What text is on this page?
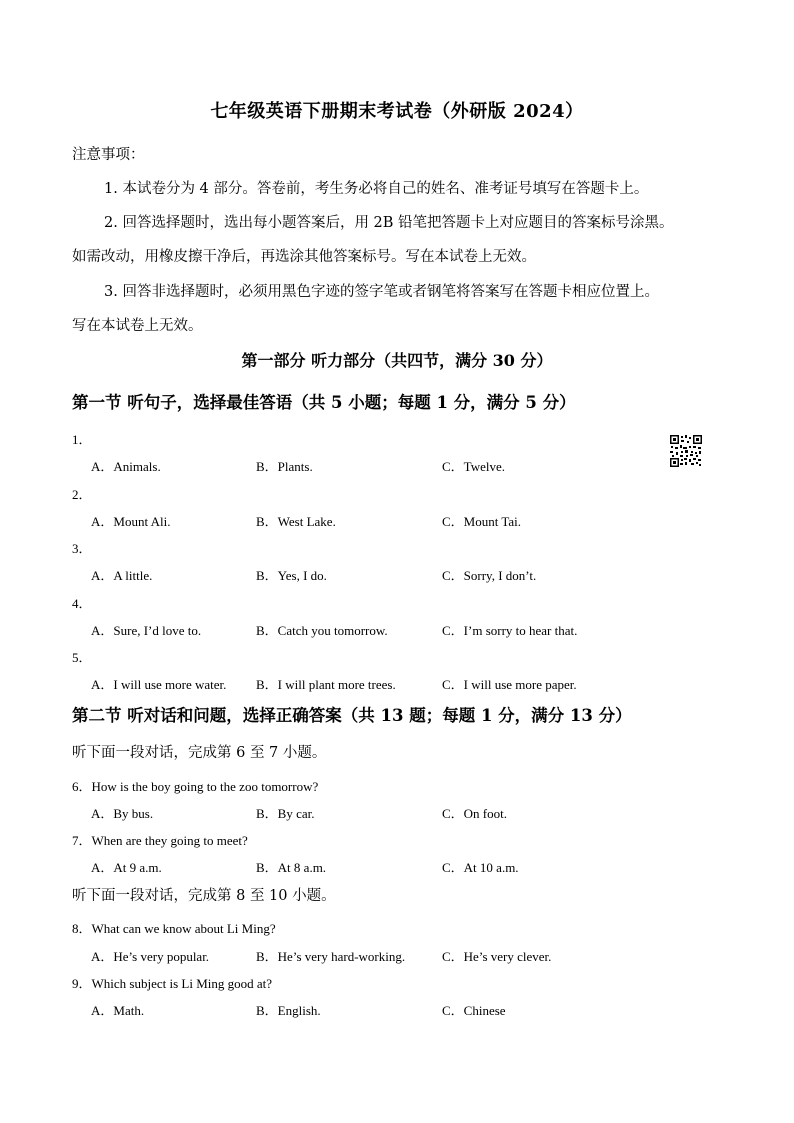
七年级英语下册期末考试卷（外研版 2024）
注意事项：
1. 本试卷分为 4 部分。答卷前，考生务必将自己的姓名、准考证号填写在答题卡上。
2. 回答选择题时，选出每小题答案后，用 2B 铅笔把答题卡上对应题目的答案标号涂黑。
如需改动，用橡皮擦干净后，再选涂其他答案标号。写在本试卷上无效。
3. 回答非选择题时，必须用黑色字迹的签字笔或者钢笔将答案写在答题卡相应位置上。
写在本试卷上无效。
第一部分 听力部分（共四节，满分 30 分）
第一节 听句子，选择最佳答语（共 5 小题；每题 1 分，满分 5 分）
1．
A．Animals.	B．Plants.	C．Twelve.
2．
A．Mount Ali.	B．West Lake.	C．Mount Tai.
3．
A．A little.	B．Yes, I do.	C．Sorry, I don’t.
4．
A．Sure, I’d love to.	B．Catch you tomorrow.	C．I’m sorry to hear that.
5．
A．I will use more water. B．I will plant more trees.	C．I will use more paper.
第二节 听对话和问题，选择正确答案（共 13 题；每题 1 分，满分 13 分）
听下面一段对话，完成第 6 至 7 小题。
6．How is the boy going to the zoo tomorrow?
A．By bus.	B．By car.	C．On foot.
7．When are they going to meet?
A．At 9 a.m.	B．At 8 a.m.	C．At 10 a.m.
听下面一段对话，完成第 8 至 10 小题。
8．What can we know about Li Ming?
A．He’s very popular.	B．He’s very hard-working.	C．He’s very clever.
9．Which subject is Li Ming good at?
A．Math.	B．English.	C．Chinese
